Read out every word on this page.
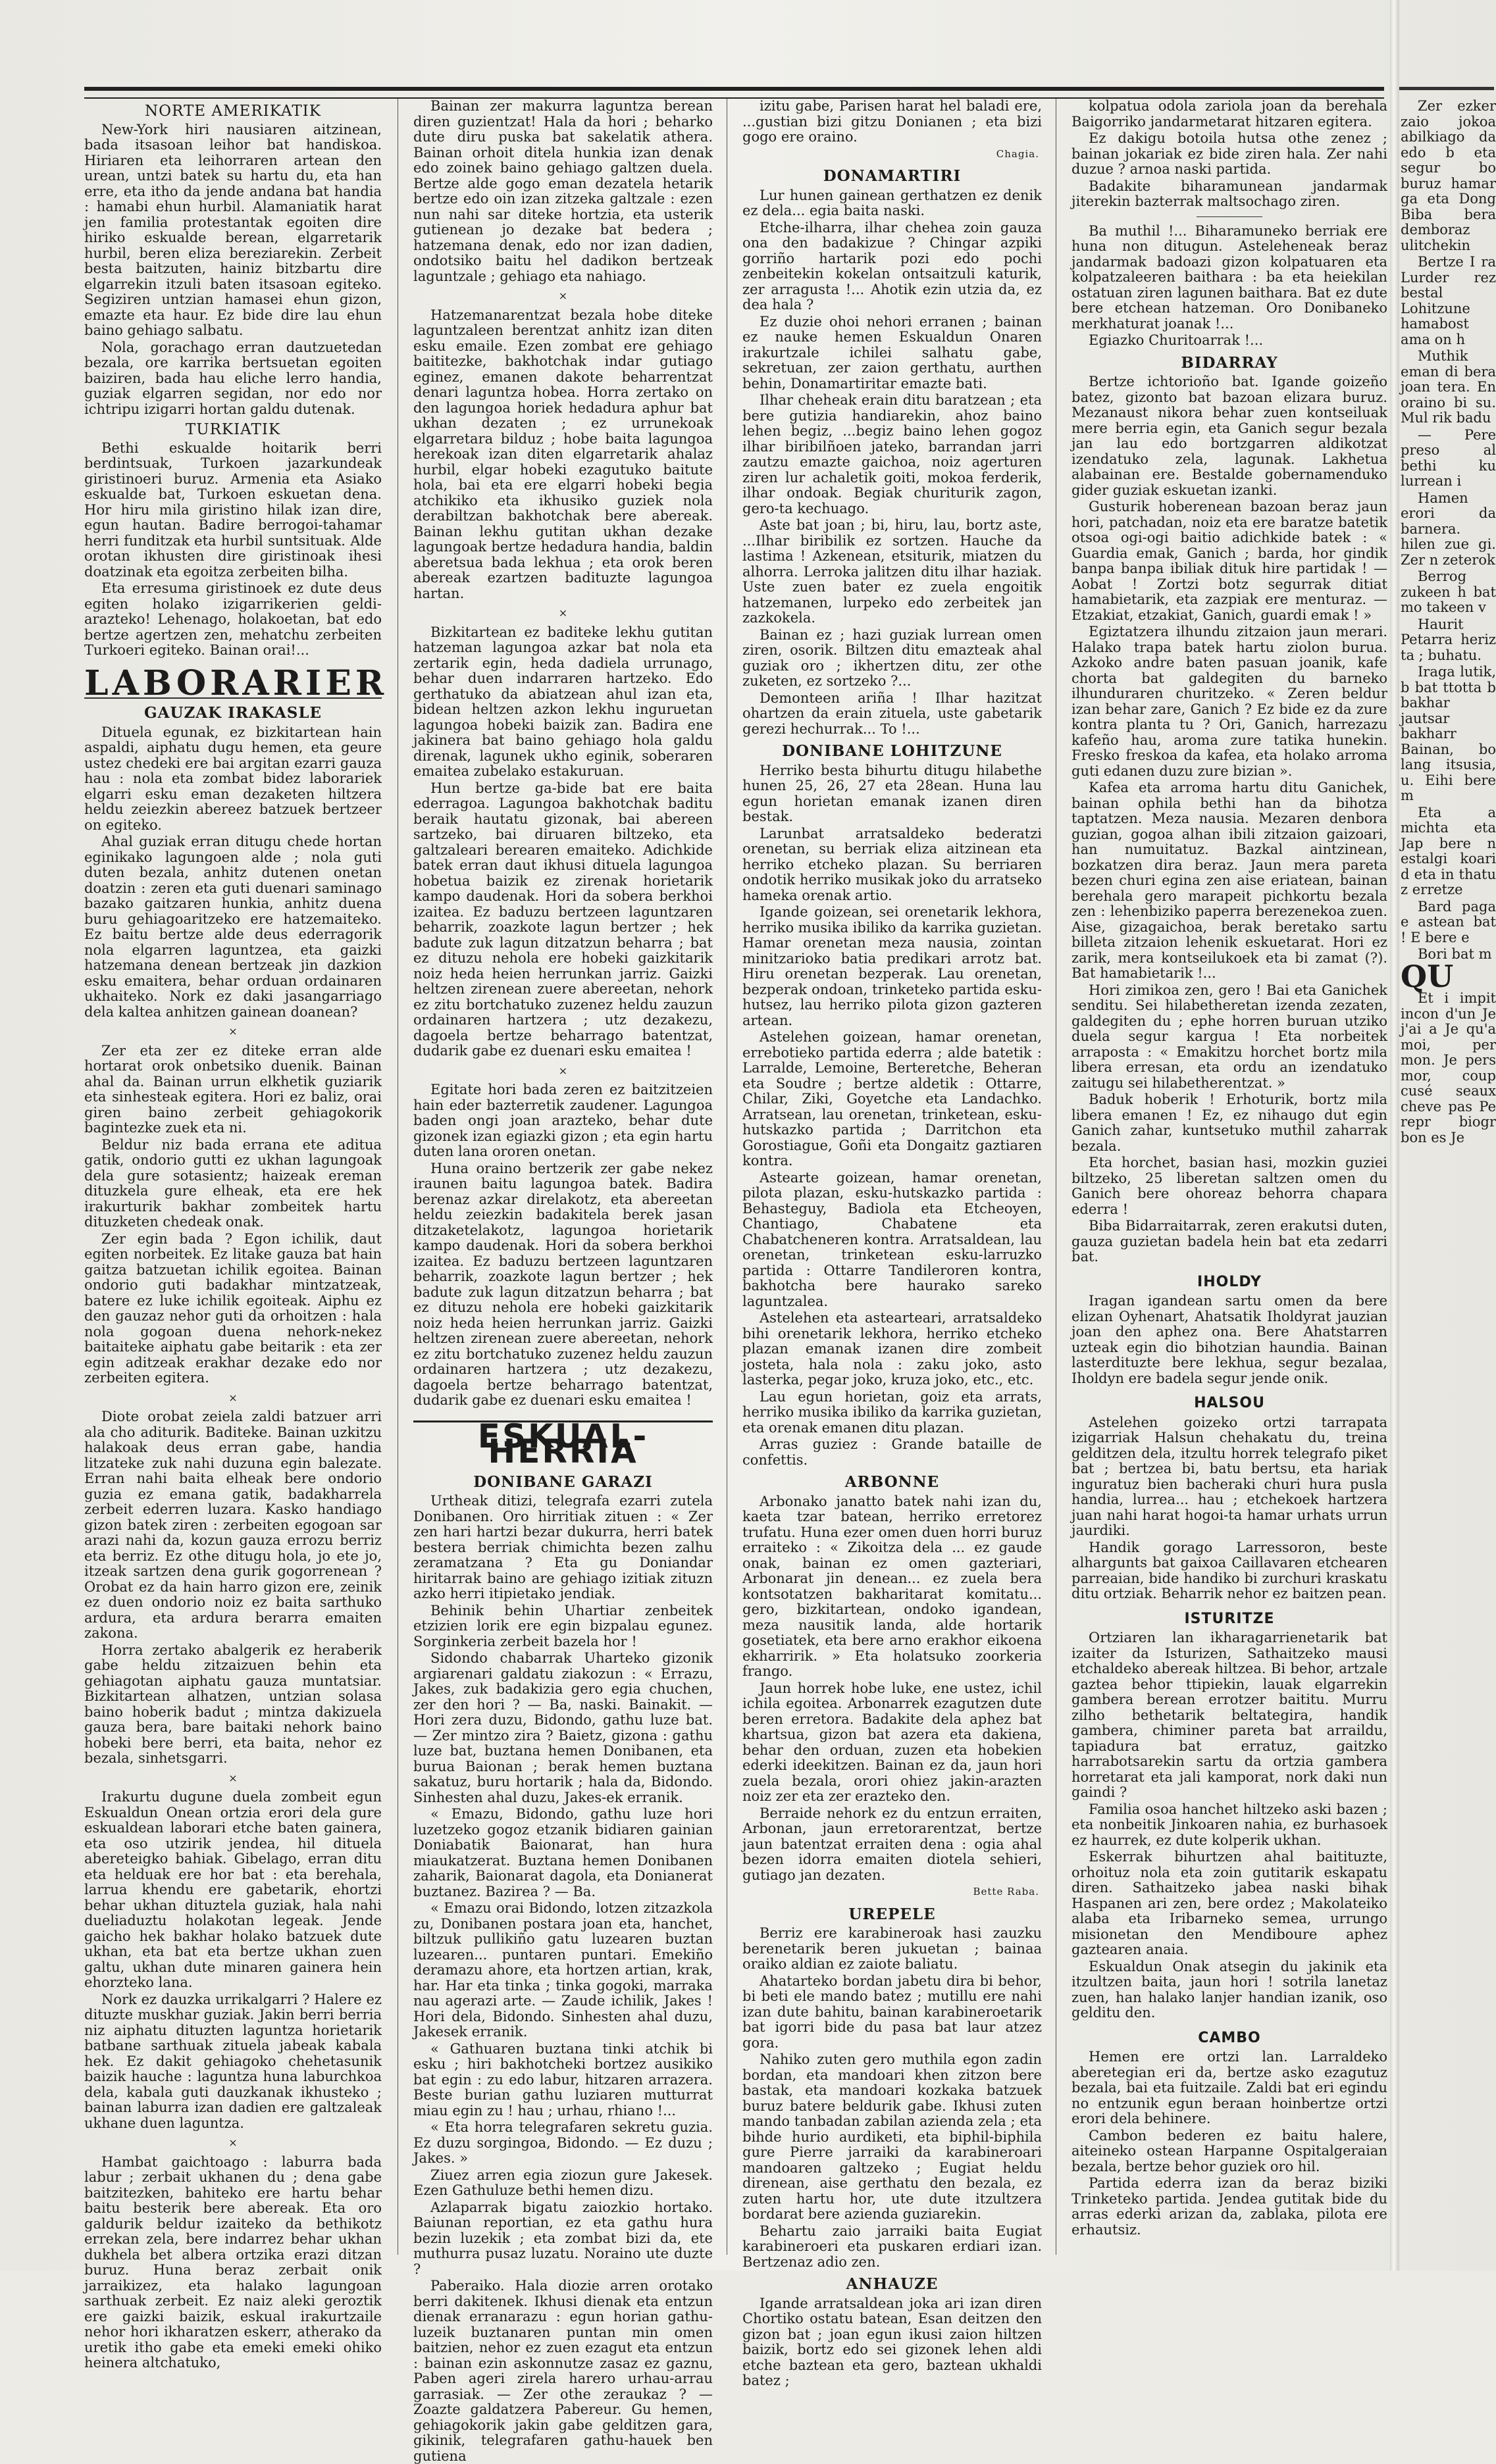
NORTE AMERIKATIK

New-York hiri nausiaren aitzinean, bada itsasoan leihor bat handiskoa. Hiriaren eta leihorraren artean den urean, untzi batek su hartu du, eta han erre, eta itho da jende andana bat handia : hamabi ehun hurbil. Alamaniatik harat jen familia protestantak egoiten dire hiriko eskualde berean, elgarretarik hurbil, beren eliza bereziarekin. Zerbeit besta baitzuten, hainiz bitzbartu dire elgarrekin itzuli baten itsasoan egiteko. Segiziren untzian hamasei ehun gizon, emazte eta haur. Ez bide dire lau ehun baino gehiago salbatu.

Nola, gorachago erran dautzuetedan bezala, ore karrika bertsuetan egoiten baiziren, bada hau eliche lerro handia, guziak elgarren segidan, nor edo nor ichtripu izigarri hortan galdu dutenak.

TURKIATIK

Bethi eskualde hoitarik berri berdintsuak, Turkoen jazarkundeak giristinoeri buruz. Armenia eta Asiako eskualde bat, Turkoen eskuetan dena. Hor hiru mila giristino hilak izan dire, egun hautan. Badire berrogoi-tahamar herri funditzak eta hurbil suntsituak. Alde orotan ikhusten dire giristinoak ihesi doatzinak eta egoitza zerbeiten bilha.

Eta erresuma giristinoek ez dute deus egiten holako izigarrikerien geldi-arazteko! Lehenago, holakoetan, bat edo bertze agertzen zen, mehatchu zerbeiten Turkoeri egiteko. Bainan orai!...

LABORARIER
GAUZAK IRAKASLE

Dituela egunak, ez bizkitartean hain aspaldi, aiphatu dugu hemen, eta geure ustez chedeki ere bai argitan ezarri gauza hau : nola eta zombat bidez laborariek elgarri esku eman dezaketen hiltzera heldu zeiezkin abereez batzuek bertzeer on egiteko.

Ahal guziak erran ditugu chede hortan eginikako lagungoen alde ; nola guti duten bezala, anhitz dutenen onetan doatzin : zeren eta guti duenari saminago bazako gaitzaren hunkia, anhitz duena buru gehiagoaritzeko ere hatzemaiteko. Ez baitu bertze alde deus ederragorik nola elgarren laguntzea, eta gaizki hatzemana denean bertzeak jin dazkion esku emaitera, behar orduan ordainaren ukhaiteko. Nork ez daki jasangarriago dela kaltea anhitzen gainean doanean?

×

Zer eta zer ez diteke erran alde hortarat orok onbetsiko duenik. Bainan ahal da. Bainan urrun elkhetik guziarik eta sinhesteak egitera. Hori ez baliz, orai giren baino zerbeit gehiagokorik bagintezke zuek eta ni.

Beldur niz bada errana ete aditua gatik, ondorio gutti ez ukhan lagungoak dela gure sotasientz; haizeak ereman dituzkela gure elheak, eta ere hek irakurturik bakhar zombeitek hartu dituzketen chedeak onak.

Zer egin bada ? Egon ichilik, daut egiten norbeitek. Ez litake gauza bat hain gaitza batzuetan ichilik egoitea. Bainan ondorio guti badakhar mintzatzeak, batere ez luke ichilik egoiteak. Aiphu ez den gauzaz nehor guti da orhoitzen : hala nola gogoan duena nehork-nekez baitaiteke aiphatu gabe beitarik : eta zer egin aditzeak erakhar dezake edo nor zerbeiten egitera.

×

Diote orobat zeiela zaldi batzuer arri ala cho aditurik. Baditeke. Bainan uzkitzu halakoak deus erran gabe, handia litzateke zuk nahi duzuna egin balezate. Erran nahi baita elheak bere ondorio guzia ez emana gatik, badakharrela zerbeit ederren luzara. Kasko handiago gizon batek ziren : zerbeiten egogoan sar arazi nahi da, kozun gauza errozu berriz eta berriz. Ez othe ditugu hola, jo ete jo, itzeak sartzen dena gurik gogorrenean ? Orobat ez da hain harro gizon ere, zeinik ez duen ondorio noiz ez baita sarthuko ardura, eta ardura berarra emaiten zakona.

Horra zertako abalgerik ez heraberik gabe heldu zitzaizuen behin eta gehiagotan aiphatu gauza muntatsiar. Bizkitartean alhatzen, untzian solasa baino hoberik badut ; mintza dakizuela gauza bera, bare baitaki nehork baino hobeki bere berri, eta baita, nehor ez bezala, sinhetsgarri.

×

Irakurtu dugune duela zombeit egun Eskualdun Onean ortzia erori dela gure eskualdean laborari etche baten gainera, eta oso utzirik jendea, hil dituela abereteigko bahiak. Gibelago, erran ditu eta helduak ere hor bat : eta berehala, larrua khendu ere gabetarik, ehortzi behar ukhan dituztela guziak, hala nahi dueliaduztu holakotan legeak. Jende gaicho hek bakhar holako batzuek dute ukhan, eta bat eta bertze ukhan zuen galtu, ukhan dute minaren gainera hein ehorzteko lana.

Nork ez dauzka urrikalgarri ? Halere ez dituzte muskhar guziak. Jakin berri berria niz aiphatu dituzten laguntza horietarik batbane sarthuak zituela jabeak kabala hek. Ez dakit gehiagoko chehetasunik baizik hauche : laguntza huna laburchkoa dela, kabala guti dauzkanak ikhusteko ; bainan laburra izan dadien ere galtzaleak ukhane duen laguntza.

×

Hambat gaichtoago : laburra bada labur ; zerbait ukhanen du ; dena gabe baitzitezken, bahiteko ere hartu behar baitu besterik bere abereak. Eta oro galdurik beldur izaiteko da bethikotz errekan zela, bere indarrez behar ukhan dukhela bet albera ortzika erazi ditzan buruz. Huna beraz zerbait onik jarraikizez, eta halako lagungoan sarthuak zerbeit. Ez naiz aleki geroztik ere gaizki baizik, eskual irakurtzaile nehor hori ikharatzen eskerr, atherako da uretik itho gabe eta emeki emeki ohiko heinera altchatuko,

Bainan zer makurra laguntza berean diren guzientzat! Hala da hori ; beharko dute diru puska bat sakelatik athera. Bainan orhoit ditela hunkia izan denak edo zoinek baino gehiago galtzen duela. Bertze alde gogo eman dezatela hetarik bertze edo oin izan zitzeka galtzale : ezen nun nahi sar diteke hortzia, eta usterik gutienean jo dezake bat bedera ; hatzemana denak, edo nor izan dadien, ondotsiko baitu hel dadikon bertzeak laguntzale ; gehiago eta nahiago.

×

Hatzemanarentzat bezala hobe diteke laguntzaleen berentzat anhitz izan diten esku emaile. Ezen zombat ere gehiago baititezke, bakhotchak indar gutiago eginez, emanen dakote beharrentzat denari laguntza hobea. Horra zertako on den lagungoa horiek hedadura aphur bat ukhan dezaten ; ez urrunekoak elgarretara bilduz ; hobe baita lagungoa herekoak izan diten elgarretarik ahalaz hurbil, elgar hobeki ezagutuko baitute hola, bai eta ere elgarri hobeki begia atchikiko eta ikhusiko guziek nola derabiltzan bakhotchak bere abereak. Bainan lekhu gutitan ukhan dezake lagungoak bertze hedadura handia, baldin aberetsua bada lekhua ; eta orok beren abereak ezartzen badituzte lagungoa hartan.

×

Bizkitartean ez baditeke lekhu gutitan hatzeman lagungoa azkar bat nola eta zertarik egin, heda dadiela urrunago, behar duen indarraren hartzeko. Edo gerthatuko da abiatzean ahul izan eta, bidean heltzen azkon lekhu inguruetan lagungoa hobeki baizik zan. Badira ene jakinera bat baino gehiago hola galdu direnak, lagunek ukho eginik, soberaren emaitea zubelako estakuruan.

Hun bertze ga-bide bat ere baita ederragoa. Lagungoa bakhotchak baditu beraik hautatu gizonak, bai abereen sartzeko, bai diruaren biltzeko, eta galtzaleari berearen emaiteko. Adichkide batek erran daut ikhusi dituela lagungoa hobetua baizik ez zirenak horietarik kampo daudenak. Hori da sobera berkhoi izaitea. Ez baduzu bertzeen laguntzaren beharrik, zoazkote lagun bertzer ; hek badute zuk lagun ditzatzun beharra ; bat ez dituzu nehola ere hobeki gaizkitarik noiz heda heien herrunkan jarriz. Gaizki heltzen zirenean zuere abereetan, nehork ez zitu bortchatuko zuzenez heldu zauzun ordainaren hartzera ; utz dezakezu, dagoela bertze beharrago batentzat, dudarik gabe ez duenari esku emaitea !

×

Egitate hori bada zeren ez baitzitzeien hain eder bazterretik zaudener. Lagungoa baden ongi joan arazteko, behar dute gizonek izan egiazki gizon ; eta egin hartu duten lana ororen onetan.

Huna oraino bertzerik zer gabe nekez iraunen baitu lagungoa batek. Badira berenaz azkar direlakotz, eta abereetan heldu zeiezkin badakitela berek jasan ditzaketelakotz, lagungoa horietarik kampo daudenak. Hori da sobera berkhoi izaitea. Ez baduzu bertzeen laguntzaren beharrik, zoazkote lagun bertzer ; hek badute zuk lagun ditzatzun beharra ; bat ez dituzu nehola ere hobeki gaizkitarik noiz heda heien herrunkan jarriz. Gaizki heltzen zirenean zuere abereetan, nehork ez zitu bortchatuko zuzenez heldu zauzun ordainaren hartzera ; utz dezakezu, dagoela bertze beharrago batentzat, dudarik gabe ez duenari esku emaitea !

ESKUAL-HERRIA
DONIBANE GARAZI

Urtheak ditizi, telegrafa ezarri zutela Donibanen. Oro hirritiak zituen : « Zer zen hari hartzi bezar dukurra, herri batek bestera berriak chimichta bezen zalhu zeramatzana ? Eta gu Doniandar hiritarrak baino are gehiago izitiak zituzn azko herri itipietako jendiak.

Behinik behin Uhartiar zenbeitek etzizien lorik ere egin bizpalau egunez. Sorginkeria zerbeit bazela hor !

Sidondo chabarrak Uharteko gizonik argiarenari galdatu ziakozun : « Errazu, Jakes, zuk badakizia gero egia chuchen, zer den hori ? — Ba, naski. Bainakit. — Hori zera duzu, Bidondo, gathu luze bat. — Zer mintzo zira ? Baietz, gizona : gathu luze bat, buztana hemen Donibanen, eta burua Baionan ; berak hemen buztana sakatuz, buru hortarik ; hala da, Bidondo. Sinhesten ahal duzu, Jakes-ek erranik.

« Emazu, Bidondo, gathu luze hori luzetzeko gogoz etzanik bidiaren gainian Doniabatik Baionarat, han hura miaukatzerat. Buztana hemen Donibanen zaharik, Baionarat dagola, eta Donianerat buztanez. Bazirea ? — Ba.

« Emazu orai Bidondo, lotzen zitzazkola zu, Donibanen postara joan eta, hanchet, biltzuk pullikiño gatu luzearen buztan luzearen... puntaren puntari. Emekiño deramazu ahore, eta hortzen artian, krak, har. Har eta tinka ; tinka gogoki, marraka nau agerazi arte. — Zaude ichilik, Jakes ! Hori dela, Bidondo. Sinhesten ahal duzu, Jakesek erranik.

« Gathuaren buztana tinki atchik bi esku ; hiri bakhotcheki bortzez ausikiko bat egin : zu edo labur, hitzaren arrazera. Beste burian gathu luziaren mutturrat miau egin zu ! hau ; urhau, rhiano !...

« Eta horra telegrafaren sekretu guzia. Ez duzu sorgingoa, Bidondo. — Ez duzu ; Jakes. »

Ziuez arren egia ziozun gure Jakesek. Ezen Gathuluze bethi hemen dizu.

Azlaparrak bigatu zaiozkio hortako. Baiunan reportian, ez eta gathu hura bezin luzekik ; eta zombat bizi da, ete muthurra pusaz luzatu. Noraino ute duzte ?

Paberaiko. Hala diozie arren orotako berri dakitenek. Ikhusi dienak eta entzun dienak erranarazu : egun horian gathu-luzeik buztanaren puntan min omen baitzien, nehor ez zuen ezagut eta entzun : bainan ezin askonnutze zasaz ez gaznu, Paben ageri zirela harero urhau-arrau garrasiak. — Zer othe zeraukaz ? — Zoazte galdatzera Pabereur. Gu hemen, gehiagokorik jakin gabe gelditzen gara, gikinik, telegrafaren gathu-hauek ben gutiena

izitu gabe, Parisen harat hel baladi ere, ...gustian bizi gitzu Donianen ; eta bizi gogo ere oraino.

Chagia.
DONAMARTIRI

Lur hunen gainean gerthatzen ez denik ez dela... egia baita naski.

Etche-ilharra, ilhar chehea zoin gauza ona den badakizue ? Chingar azpiki gorriño hartarik pozi edo pochi zenbeitekin kokelan ontsaitzuli katurik, zer arragusta !... Ahotik ezin utzia da, ez dea hala ?

Ez duzie ohoi nehori erranen ; bainan ez nauke hemen Eskualdun Onaren irakurtzale ichilei salhatu gabe, sekretuan, zer zaion gerthatu, aurthen behin, Donamartiritar emazte bati.

Ilhar cheheak erain ditu baratzean ; eta bere gutizia handiarekin, ahoz baino lehen begiz, ...begiz baino lehen gogoz ilhar biribilñoen jateko, barrandan jarri zautzu emazte gaichoa, noiz agerturen ziren lur achaletik goiti, mokoa ferderik, ilhar ondoak. Begiak churiturik zagon, gero-ta kechuago.

Aste bat joan ; bi, hiru, lau, bortz aste, ...Ilhar biribilik ez sortzen. Hauche da lastima ! Azkenean, etsiturik, miatzen du alhorra. Lerroka jalitzen ditu ilhar haziak. Uste zuen bater ez zuela engoitik hatzemanen, lurpeko edo zerbeitek jan zazkokela.

Bainan ez ; hazi guziak lurrean omen ziren, osorik. Biltzen ditu emazteak ahal guziak oro ; ikhertzen ditu, zer othe zuketen, ez sortzeko ?...

Demonteen ariña ! Ilhar hazitzat ohartzen da erain zituela, uste gabetarik gerezi hechurrak... To !...

DONIBANE LOHITZUNE

Herriko besta bihurtu ditugu hilabethe hunen 25, 26, 27 eta 28ean. Huna lau egun horietan emanak izanen diren bestak.

Larunbat arratsaldeko bederatzi orenetan, su berriak eliza aitzinean eta herriko etcheko plazan. Su berriaren ondotik herriko musikak joko du arratseko hameka orenak artio.

Igande goizean, sei orenetarik lekhora, herriko musika ibiliko da karrika guzietan. Hamar orenetan meza nausia, zointan minitzarioko batia predikari arrotz bat. Hiru orenetan bezperak. Lau orenetan, bezperak ondoan, trinketeko partida esku-hutsez, lau herriko pilota gizon gazteren artean.

Astelehen goizean, hamar orenetan, errebotieko partida ederra ; alde batetik : Larralde, Lemoine, Berteretche, Beheran eta Soudre ; bertze aldetik : Ottarre, Chilar, Ziki, Goyetche eta Landachko. Arratsean, lau orenetan, trinketean, esku-hutskazko partida ; Darritchon eta Gorostiague, Goñi eta Dongaitz gaztiaren kontra.

Astearte goizean, hamar orenetan, pilota plazan, esku-hutskazko partida : Behasteguy, Badiola eta Etcheoyen, Chantiago, Chabatene eta Chabatcheneren kontra. Arratsaldean, lau orenetan, trinketean esku-larruzko partida : Ottarre Tandileroren kontra, bakhotcha bere haurako sareko laguntzalea.

Astelehen eta astearteari, arratsaldeko bihi orenetarik lekhora, herriko etcheko plazan emanak izanen dire zombeit josteta, hala nola : zaku joko, asto lasterka, pegar joko, kruza joko, etc., etc.

Lau egun horietan, goiz eta arrats, herriko musika ibiliko da karrika guzietan, eta orenak emanen ditu plazan.

Arras guziez : Grande bataille de confettis.

ARBONNE

Arbonako janatto batek nahi izan du, kaeta tzar batean, herriko erretorez trufatu. Huna ezer omen duen horri buruz erraiteko : « Zikoitza dela ... ez gaude onak, bainan ez omen gazteriari, Arbonarat jin denean... ez zuela bera kontsotatzen bakharitarat komitatu... gero, bizkitartean, ondoko igandean, meza nausitik landa, alde hortarik gosetiatek, eta bere arno erakhor eikoena ekharririk. » Eta holatsuko zoorkeria frango.

Jaun horrek hobe luke, ene ustez, ichil ichila egoitea. Arbonarrek ezagutzen dute beren erretora. Badakite dela aphez bat khartsua, gizon bat azera eta dakiena, behar den orduan, zuzen eta hobekien ederki ideekitzen. Bainan ez da, jaun hori zuela bezala, orori ohiez jakin-arazten noiz zer eta zer erazteko den.

Berraide nehork ez du entzun erraiten, Arbonan, jaun erretorarentzat, bertze jaun batentzat erraiten dena : ogia ahal bezen idorra emaiten diotela sehieri, gutiago jan dezaten.

Bette Raba.
UREPELE

Berriz ere karabineroak hasi zauzku berenetarik beren jukuetan ; bainaa oraiko aldian ez zaiote baliatu.

Ahatarteko bordan jabetu dira bi behor, bi beti ele mando batez ; mutillu ere nahi izan dute bahitu, bainan karabineroetarik bat igorri bide du pasa bat laur atzez gora.

Nahiko zuten gero muthila egon zadin bordan, eta mandoari khen zitzon bere bastak, eta mandoari kozkaka batzuek buruz batere beldurik gabe. Ikhusi zuten mando tanbadan zabilan azienda zela ; eta bihde hurio aurdiketi, eta biphil-biphila gure Pierre jarraiki da karabineroari mandoaren galtzeko ; Eugiat heldu direnean, aise gerthatu den bezala, ez zuten hartu hor, ute dute itzultzera bordarat bere azienda guziarekin.

Behartu zaio jarraiki baita Eugiat karabineroeri eta puskaren erdiari izan. Bertzenaz adio zen.

ANHAUZE

Igande arratsaldean joka ari izan diren Chortiko ostatu batean, Esan deitzen den gizon bat ; joan egun ikusi zaion hiltzen baizik, bortz edo sei gizonek lehen aldi etche baztean eta gero, baztean ukhaldi batez ;

kolpatua odola zariola joan da berehala Baigorriko jandarmetarat hitzaren egitera.

Ez dakigu botoila hutsa othe zenez ; bainan jokariak ez bide ziren hala. Zer nahi duzue ? arnoa naski partida.

Badakite biharamunean jandarmak jiterekin bazterrak maltsochago ziren.

Ba muthil !... Biharamuneko berriak ere huna non ditugun. Asteleheneak beraz jandarmak badoazi gizon kolpatuaren eta kolpatzaleeren baithara : ba eta heiekilan ostatuan ziren lagunen baithara. Bat ez dute bere etchean hatzeman. Oro Donibaneko merkhaturat joanak !...

Egiazko Churitoarrak !...

BIDARRAY

Bertze ichtorioño bat. Igande goizeño batez, gizonto bat bazoan elizara buruz. Mezanaust nikora behar zuen kontseiluak mere berria egin, eta Ganich segur bezala jan lau edo bortzgarren aldikotzat izendatuko zela, lagunak. Lakhetua alabainan ere. Bestalde gobernamenduko gider guziak eskuetan izanki.

Gusturik hoberenean bazoan beraz jaun hori, patchadan, noiz eta ere baratze batetik otsoa ogi-ogi baitio adichkide batek : « Guardia emak, Ganich ; barda, hor gindik banpa banpa ibiliak dituk hire partidak ! — Aobat ! Zortzi botz segurrak ditiat hamabietarik, eta zazpiak ere menturaz. — Etzakiat, etzakiat, Ganich, guardi emak ! »

Egiztatzera ilhundu zitzaion jaun merari. Halako trapa batek hartu ziolon burua. Azkoko andre baten pasuan joanik, kafe chorta bat galdegiten du barneko ilhunduraren churitzeko. « Zeren beldur izan behar zare, Ganich ? Ez bide ez da zure kontra planta tu ? Ori, Ganich, harrezazu kafeño hau, aroma zure tatika hunekin. Fresko freskoa da kafea, eta holako arroma guti edanen duzu zure bizian ».

Kafea eta arroma hartu ditu Ganichek, bainan ophila bethi han da bihotza taptatzen. Meza nausia. Mezaren denbora guzian, gogoa alhan ibili zitzaion gaizoari, han numuitatuz. Bazkal aintzinean, bozkatzen dira beraz. Jaun mera pareta bezen churi egina zen aise eriatean, bainan berehala gero marapeit pichkortu bezala zen : lehenbiziko paperra berezenekoa zuen. Aise, gizagaichoa, berak beretako sartu billeta zitzaion lehenik eskuetarat. Hori ez zarik, mera kontseilukoek eta bi zamat (?). Bat hamabietarik !...

Hori zimikoa zen, gero ! Bai eta Ganichek senditu. Sei hilabetheretan izenda zezaten, galdegiten du ; ephe horren buruan utziko duela segur kargua ! Eta norbeitek arraposta : « Emakitzu horchet bortz mila libera erresan, eta ordu an izendatuko zaitugu sei hilabetherentzat. »

Baduk hoberik ! Erhoturik, bortz mila libera emanen ! Ez, ez nihaugo dut egin Ganich zahar, kuntsetuko muthil zaharrak bezala.

Eta horchet, basian hasi, mozkin guziei biltzeko, 25 liberetan saltzen omen du Ganich bere ohoreaz behorra chapara ederra !

Biba Bidarraitarrak, zeren erakutsi duten, gauza guzietan badela hein bat eta zedarri bat.

IHOLDY

Iragan igandean sartu omen da bere elizan Oyhenart, Ahatsatik Iholdyrat jauzian joan den aphez ona. Bere Ahatstarren uzteak egin dio bihotzian haundia. Bainan lasterdituzte bere lekhua, segur bezalaa, Iholdyn ere badela segur jende onik.

HALSOU

Astelehen goizeko ortzi tarrapata izigarriak Halsun chehakatu du, treina gelditzen dela, itzultu horrek telegrafo piket bat ; bertzea bi, batu bertsu, eta hariak inguratuz bien bacheraki churi hura pusla handia, lurrea... hau ; etchekoek hartzera juan nahi harat hogoi-ta hamar urhats urrun jaurdiki.

Handik gorago Larressoron, beste alhargunts bat gaixoa Caillavaren etchearen parreaian, bide handiko bi zurchuri kraskatu ditu ortziak. Beharrik nehor ez baitzen pean.

ISTURITZE

Ortziaren lan ikharagarrienetarik bat izaiter da Isturizen, Sathaitzeko mausi etchaldeko abereak hiltzea. Bi behor, artzale gaztea behor ttipiekin, lauak elgarrekin gambera berean errotzer baititu. Murru zilho bethetarik beltategira, handik gambera, chiminer pareta bat arraildu, tapiadura bat erratuz, gaitzko harrabotsarekin sartu da ortzia gambera horretarat eta jali kamporat, nork daki nun gaindi ?

Familia osoa hanchet hiltzeko aski bazen ; eta nonbeitik Jinkoaren nahia, ez burhasoek ez haurrek, ez dute kolperik ukhan.

Eskerrak bihurtzen ahal baitituzte, orhoituz nola eta zoin gutitarik eskapatu diren. Sathaitzeko jabea naski bihak Haspanen ari zen, bere ordez ; Makolateiko alaba eta Iribarneko semea, urrungo misionetan den Mendiboure aphez gaztearen anaia.

Eskualdun Onak atsegin du jakinik eta itzultzen baita, jaun hori ! sotrila lanetaz zuen, han halako lanjer handian izanik, oso gelditu den.

CAMBO

Hemen ere ortzi lan. Larraldeko aberetegian eri da, bertze asko ezagutuz bezala, bai eta fuitzaile. Zaldi bat eri egindu no entzunik egun beraan hoinbertze ortzi erori dela behinere.

Cambon bederen ez baitu halere, aiteineko ostean Harpanne Ospitalgeraian bezala, bertze behor guziek oro hil.

Partida ederra izan da beraz biziki Trinketeko partida. Jendea gutitak bide du arras ederki arizan da, zablaka, pilota ere erhautsiz.

Zer ezker zaio jokoa abilkiago da edo b eta segur bo buruz hamar ga eta Dong Biba bera demboraz ulitchekin

Bertze I ra Lurder rez bestal Lohitzune hamabost ama on h

Muthik eman di bera joan tera. En oraino bi su. Mul rik badu

— Pere preso al bethi ku lurrean i

Hamen erori da barnera. hilen zue gi. Zer n zeterok

Berrog zukeen h bat mo takeen v

Haurit Petarra heriz ta ; buhatu.

Iraga lutik, b bat ttotta b bakhar jautsar bakharr Bainan, bo lang itsusia, u. Eihi bere m

Eta a michta eta Jap bere n estalgi koari d eta in thatu z erretze

Bard paga e astean bat ! E bere e

Bori bat m

QU

Et i impit incon d'un Je j'ai a Je qu'a moi, per mon. Je pers mor, coup cusé seaux cheve pas Pe repr biogr bon es Je
